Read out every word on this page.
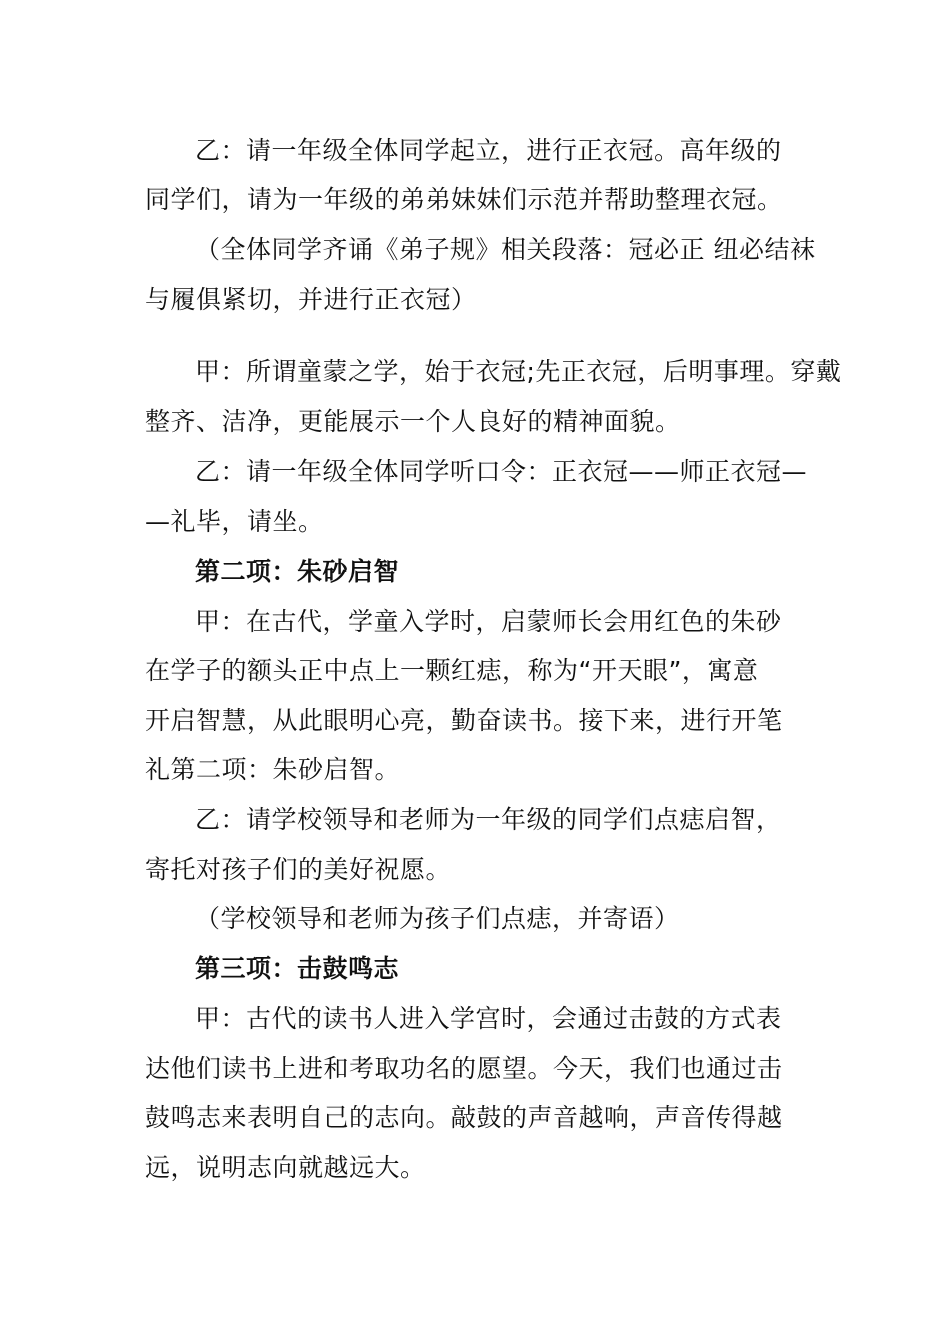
乙：请一年级全体同学起立，进行正衣冠。高年级的
同学们，请为一年级的弟弟妹妹们示范并帮助整理衣冠。
（全体同学齐诵《弟子规》相关段落：冠必正 纽必结袜
与履俱紧切，并进行正衣冠）
甲：所谓童蒙之学，始于衣冠;先正衣冠，后明事理。穿戴
整齐、洁净，更能展示一个人良好的精神面貌。
乙：请一年级全体同学听口令：正衣冠——师正衣冠—
—礼毕，请坐。
第二项：朱砂启智
甲：在古代，学童入学时，启蒙师长会用红色的朱砂
在学子的额头正中点上一颗红痣，称为“开天眼”，寓意
开启智慧，从此眼明心亮，勤奋读书。接下来，进行开笔
礼第二项：朱砂启智。
乙：请学校领导和老师为一年级的同学们点痣启智，
寄托对孩子们的美好祝愿。
（学校领导和老师为孩子们点痣，并寄语）
第三项：击鼓鸣志
甲：古代的读书人进入学宫时，会通过击鼓的方式表
达他们读书上进和考取功名的愿望。今天，我们也通过击
鼓鸣志来表明自己的志向。敲鼓的声音越响，声音传得越
远，说明志向就越远大。
